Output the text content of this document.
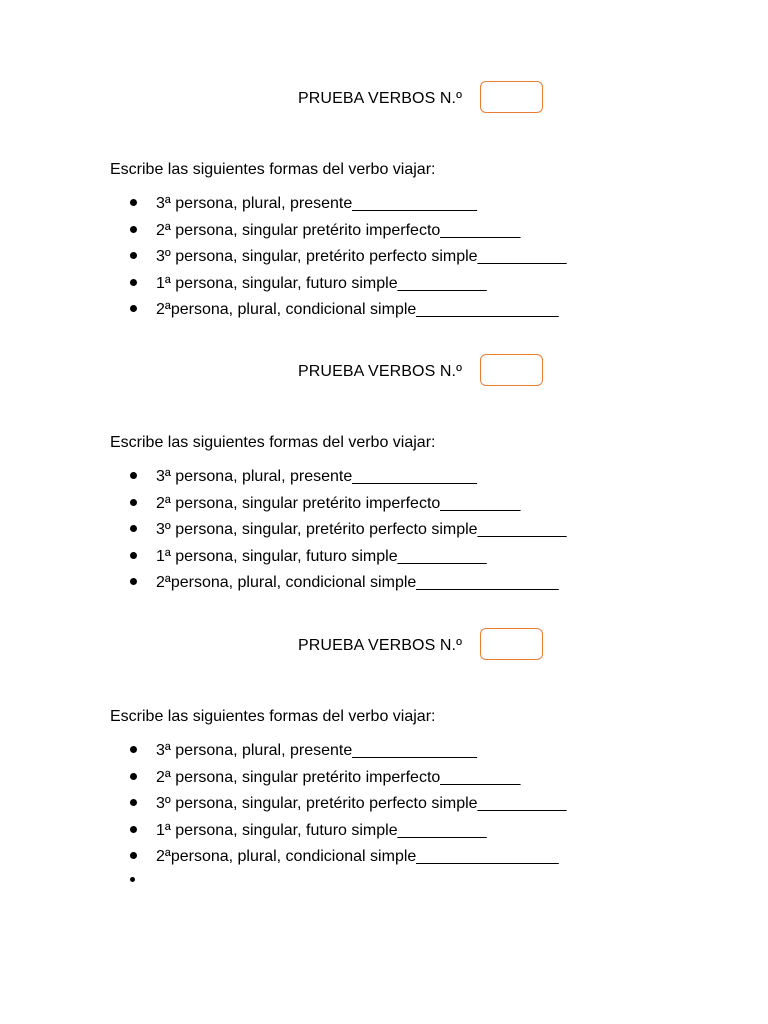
PRUEBA VERBOS N.º
Escribe las siguientes formas del verbo viajar:
3ª persona, plural, presente______________
2ª persona, singular pretérito imperfecto_________
3º persona, singular, pretérito perfecto simple__________
1ª persona, singular, futuro simple__________
2ªpersona, plural, condicional simple________________
PRUEBA VERBOS N.º
Escribe las siguientes formas del verbo viajar:
3ª persona, plural, presente______________
2ª persona, singular pretérito imperfecto_________
3º persona, singular, pretérito perfecto simple__________
1ª persona, singular, futuro simple__________
2ªpersona, plural, condicional simple________________
PRUEBA VERBOS N.º
Escribe las siguientes formas del verbo viajar:
3ª persona, plural, presente______________
2ª persona, singular pretérito imperfecto_________
3º persona, singular, pretérito perfecto simple__________
1ª persona, singular, futuro simple__________
2ªpersona, plural, condicional simple________________
